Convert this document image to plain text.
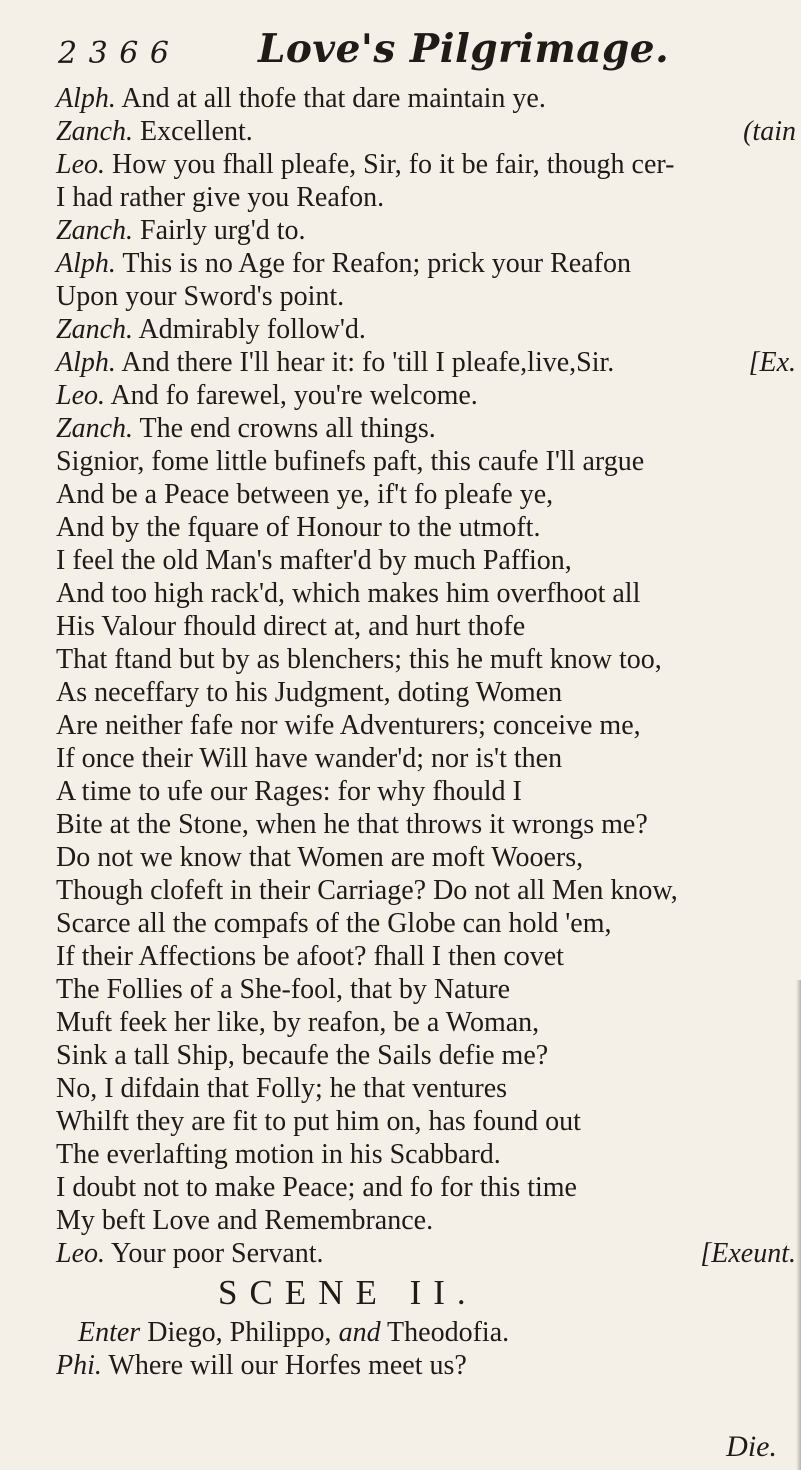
2 3 6 6 Love's Pilgrimage.
Alph. And at all thofe that dare maintain ye.
Zanch. Excellent.	(tain
Leo. How you fhall pleafe, Sir, fo it be fair, though cer-
I had rather give you Reafon.
Zanch. Fairly urg'd to.
Alph. This is no Age for Reafon; prick your Reafon
Upon your Sword's point.
Zanch. Admirably follow'd.
Alph. And there I'll hear it: fo 'till I pleafe,live,Sir.	[Ex.
Leo. And fo farewel, you're welcome.
Zanch. The end crowns all things.
Signior, fome little bufinefs paft, this caufe I'll argue
And be a Peace between ye, if't fo pleafe ye,
And by the fquare of Honour to the utmoft.
I feel the old Man's mafter'd by much Paffion,
And too high rack'd, which makes him overfhoot all
His Valour fhould direct at, and hurt thofe
That ftand but by as blenchers; this he muft know too,
As neceffary to his Judgment, doting Women
Are neither fafe nor wife Adventurers; conceive me,
If once their Will have wander'd; nor is't then
A time to ufe our Rages: for why fhould I
Bite at the Stone, when he that throws it wrongs me?
Do not we know that Women are moft Wooers,
Though clofeft in their Carriage? Do not all Men know,
Scarce all the compafs of the Globe can hold 'em,
If their Affections be afoot? fhall I then covet
The Follies of a She-fool, that by Nature
Muft feek her like, by reafon, be a Woman,
Sink a tall Ship, becaufe the Sails defie me?
No, I difdain that Folly; he that ventures
Whilft they are fit to put him on, has found out
The everlafting motion in his Scabbard.
I doubt not to make Peace; and fo for this time
My beft Love and Remembrance.
Leo. Your poor Servant.	[Exeunt.
SCENE II.
Enter Diego, Philippo, and Theodofia.
Phi. Where will our Horfes meet us?
Die.
